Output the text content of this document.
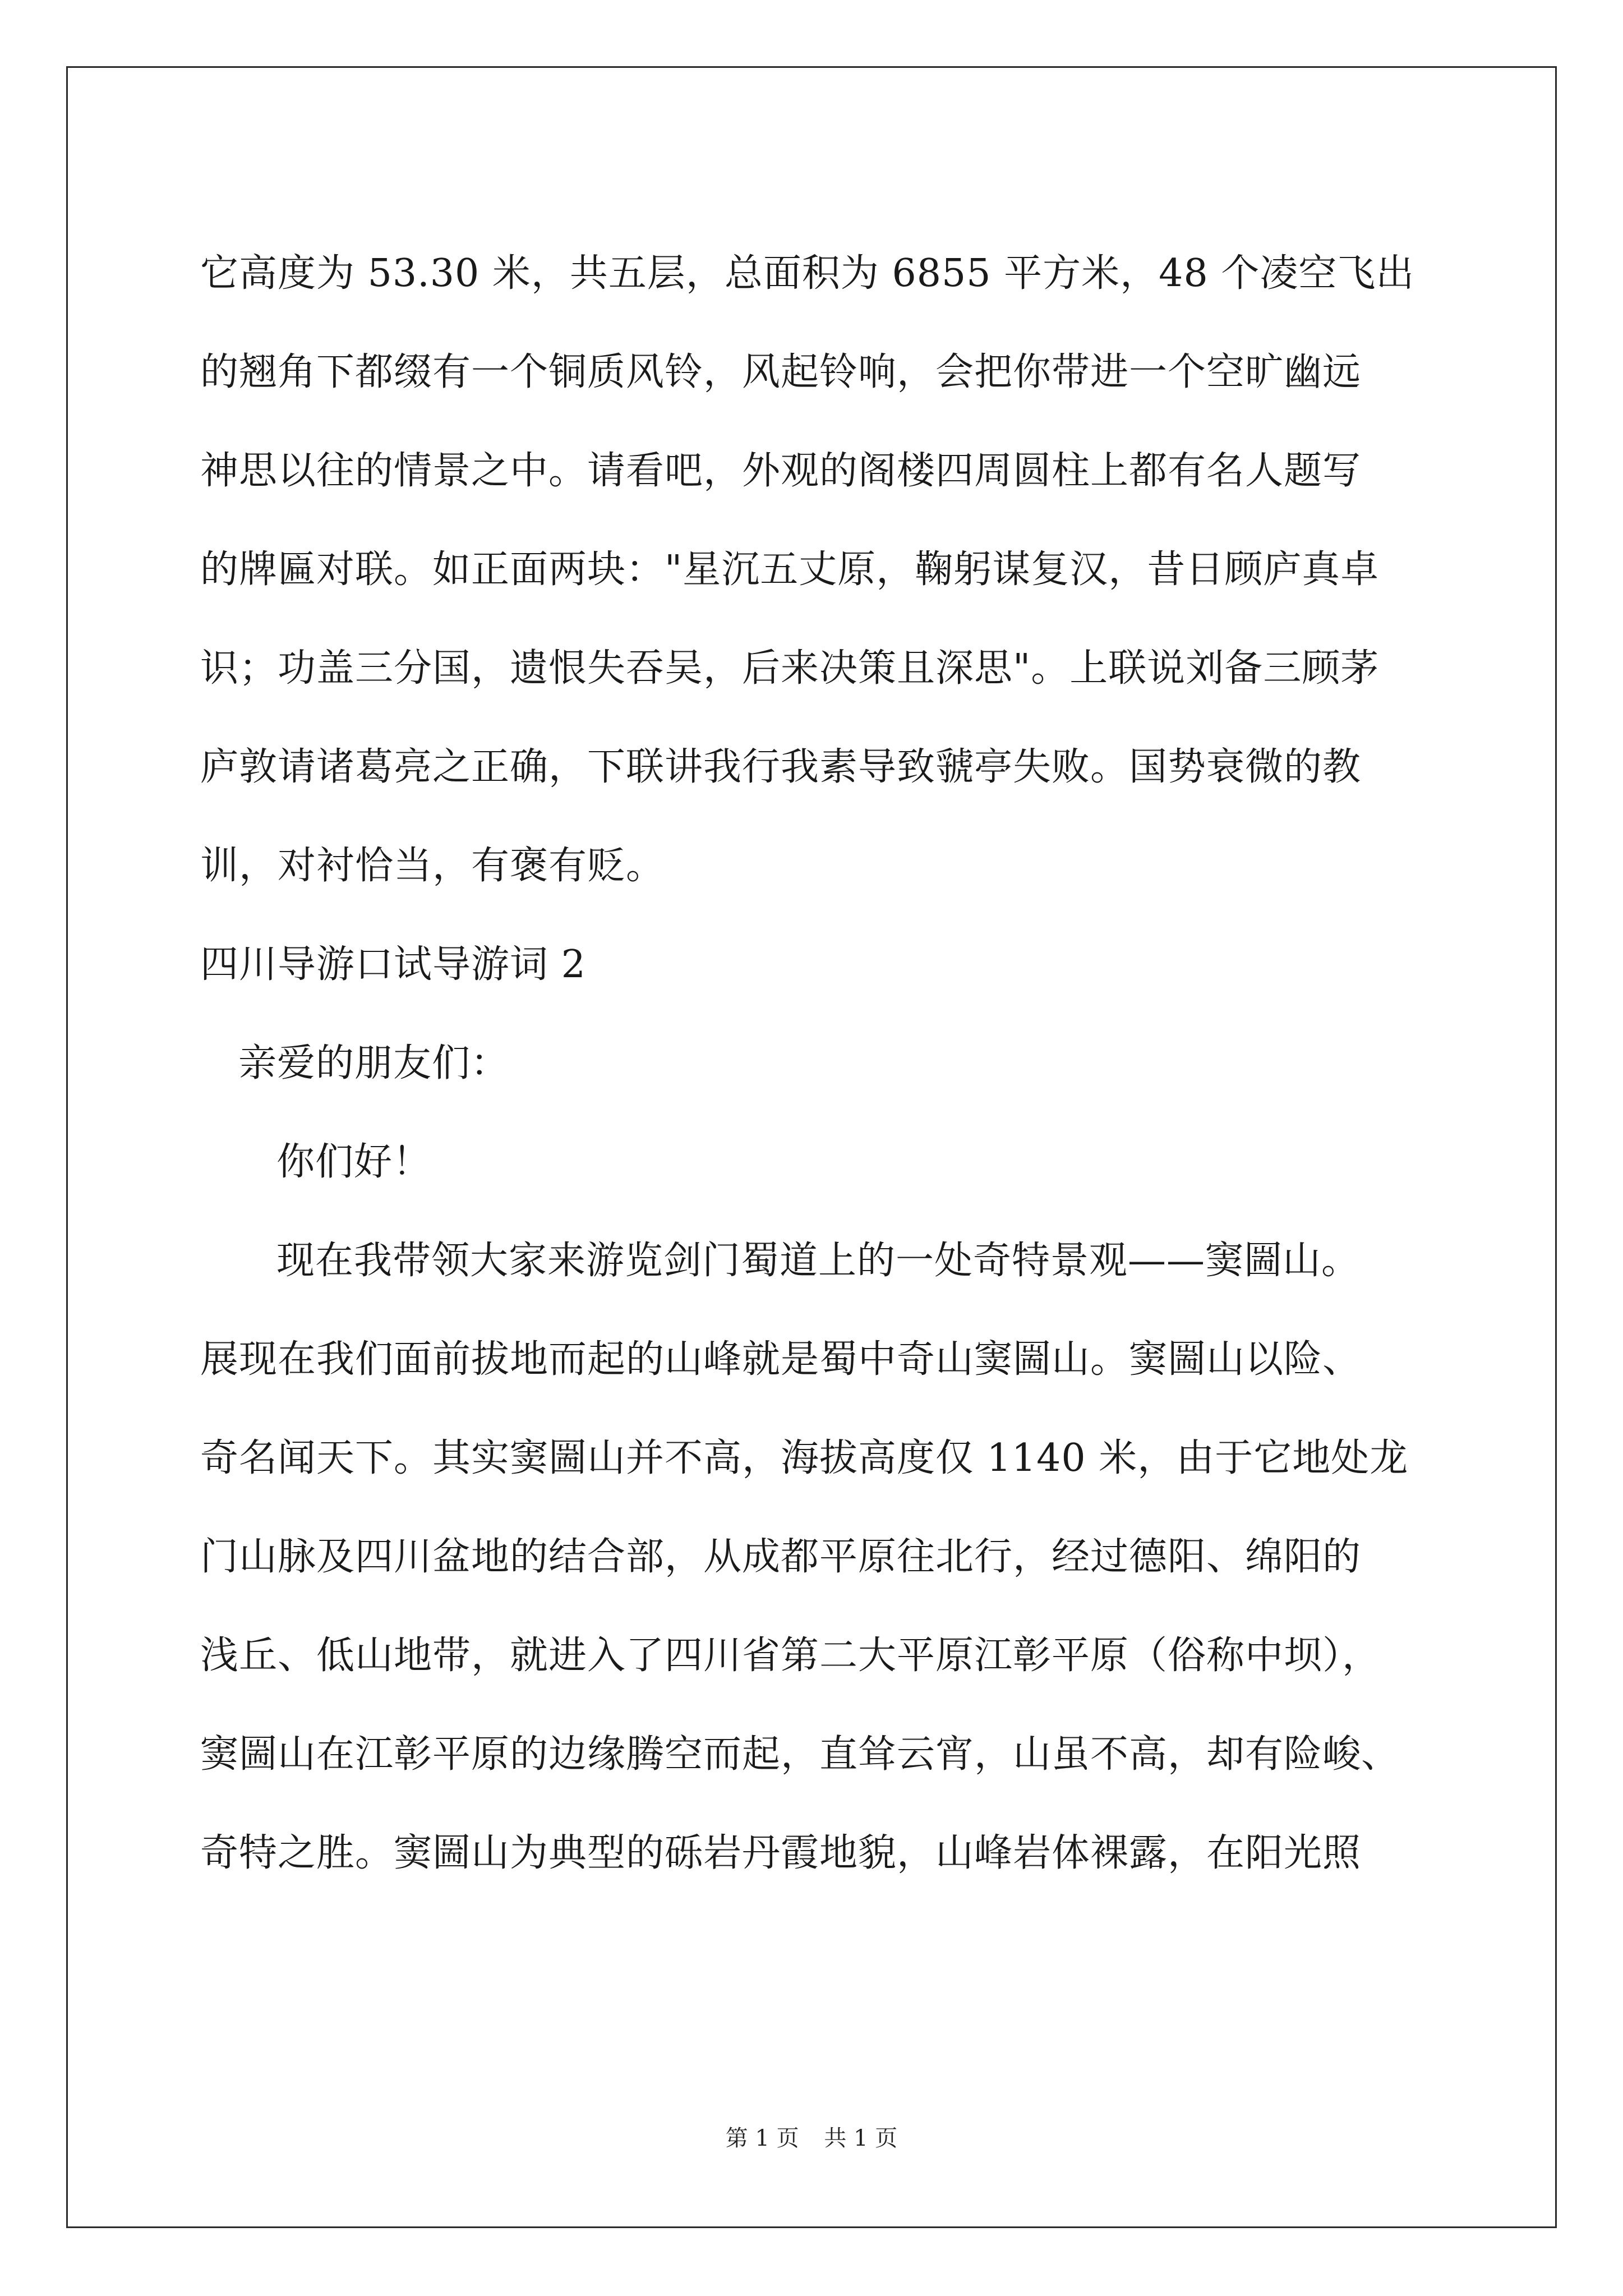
它高度为 53.30 米，共五层，总面积为 6855 平方米，48 个凌空飞出
的翘角下都缀有一个铜质风铃，风起铃响，会把你带进一个空旷幽远
神思以往的情景之中。请看吧，外观的阁楼四周圆柱上都有名人题写
的牌匾对联。如正面两块："星沉五丈原，鞠躬谋复汉，昔日顾庐真卓
识；功盖三分国，遗恨失吞吴，后来决策且深思"。上联说刘备三顾茅
庐敦请诸葛亮之正确，下联讲我行我素导致虢亭失败。国势衰微的教
训，对衬恰当，有褒有贬。
四川导游口试导游词 2
亲爱的朋友们：
你们好！
现在我带领大家来游览剑门蜀道上的一处奇特景观——窦圌山。
展现在我们面前拔地而起的山峰就是蜀中奇山窦圌山。窦圌山以险、
奇名闻天下。其实窦圌山并不高，海拔高度仅 1140 米，由于它地处龙
门山脉及四川盆地的结合部，从成都平原往北行，经过德阳、绵阳的
浅丘、低山地带，就进入了四川省第二大平原江彰平原（俗称中坝），
窦圌山在江彰平原的边缘腾空而起，直耸云宵，山虽不高，却有险峻、
奇特之胜。窦圌山为典型的砾岩丹霞地貌，山峰岩体裸露，在阳光照
第 1 页 共 1 页
